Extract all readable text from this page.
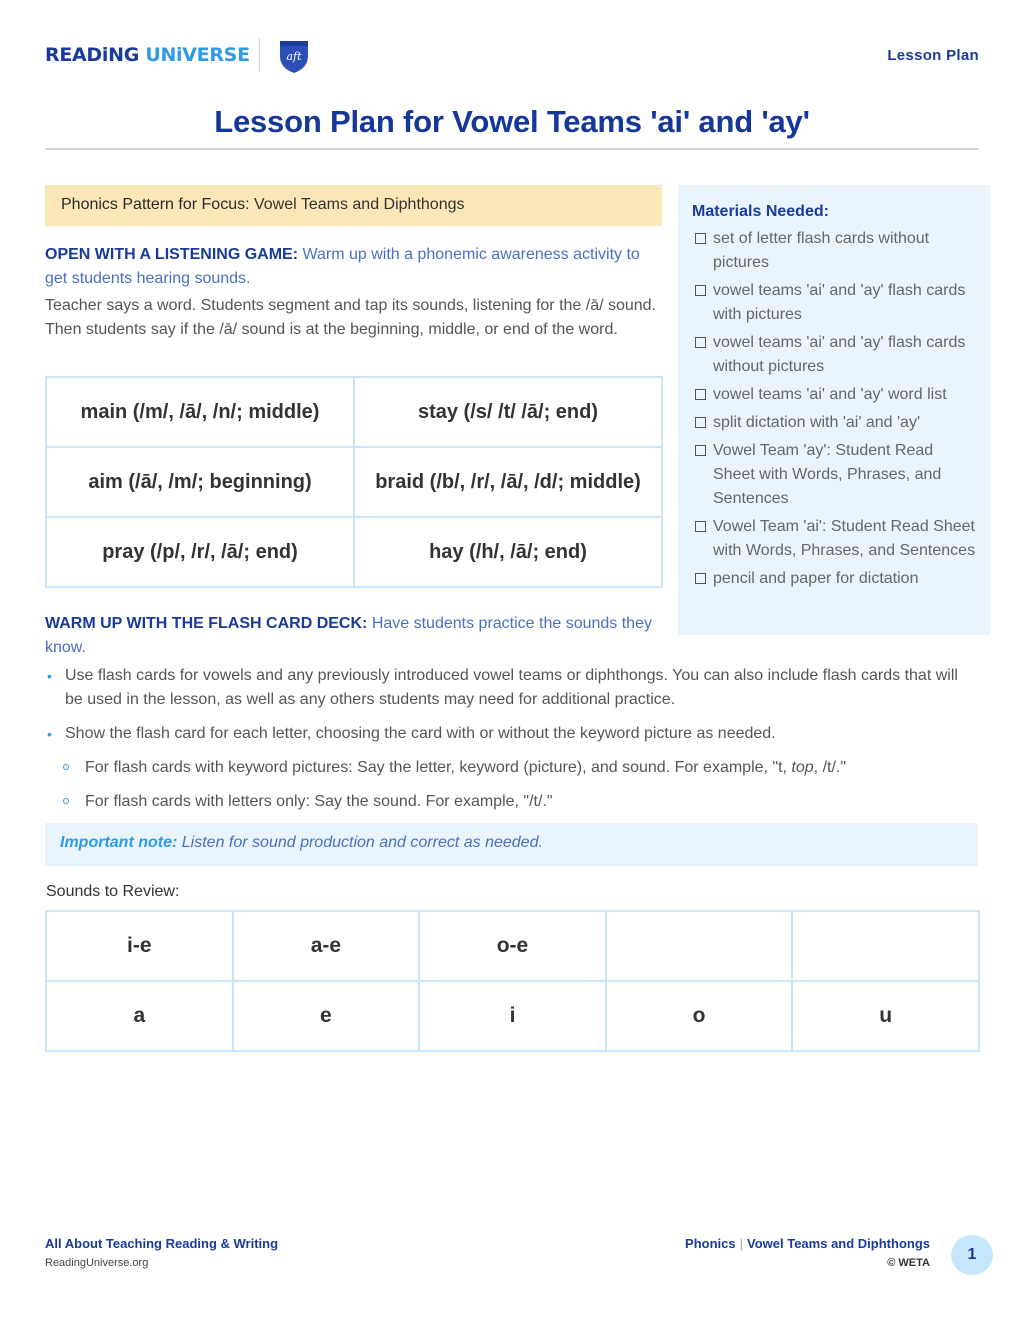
READiNG UNiVERSE	aft	Lesson Plan
Lesson Plan for Vowel Teams 'ai' and 'ay'
Phonics Pattern for Focus: Vowel Teams and Diphthongs
OPEN WITH A LISTENING GAME: Warm up with a phonemic awareness activity to get students hearing sounds.
Teacher says a word. Students segment and tap its sounds, listening for the /ā/ sound. Then students say if the /ā/ sound is at the beginning, middle, or end of the word.
main (/m/, /ā/, /n/; middle)	stay (/s/ /t/ /ā/; end)
aim (/ā/, /m/; beginning)	braid (/b/, /r/, /ā/, /d/; middle)
pray (/p/, /r/, /ā/; end)	hay (/h/, /ā/; end)
Materials Needed:
set of letter flash cards without pictures
vowel teams 'ai' and 'ay' flash cards with pictures
vowel teams 'ai' and 'ay' flash cards without pictures
vowel teams 'ai' and 'ay' word list
split dictation with 'ai' and 'ay'
Vowel Team 'ay': Student Read Sheet with Words, Phrases, and Sentences
Vowel Team 'ai': Student Read Sheet with Words, Phrases, and Sentences
pencil and paper for dictation
WARM UP WITH THE FLASH CARD DECK: Have students practice the sounds they know.
• Use flash cards for vowels and any previously introduced vowel teams or diphthongs. You can also include flash cards that will be used in the lesson, as well as any others students may need for additional practice.
• Show the flash card for each letter, choosing the card with or without the keyword picture as needed.
For flash cards with keyword pictures: Say the letter, keyword (picture), and sound. For example, "t, top, /t/."
For flash cards with letters only: Say the sound. For example, "/t/."
Important note: Listen for sound production and correct as needed.
Sounds to Review:
i-e	a-e	o-e		
a	e	i	o	u
All About Teaching Reading & Writing
ReadingUniverse.org
Phonics | Vowel Teams and Diphthongs
© WETA	1
